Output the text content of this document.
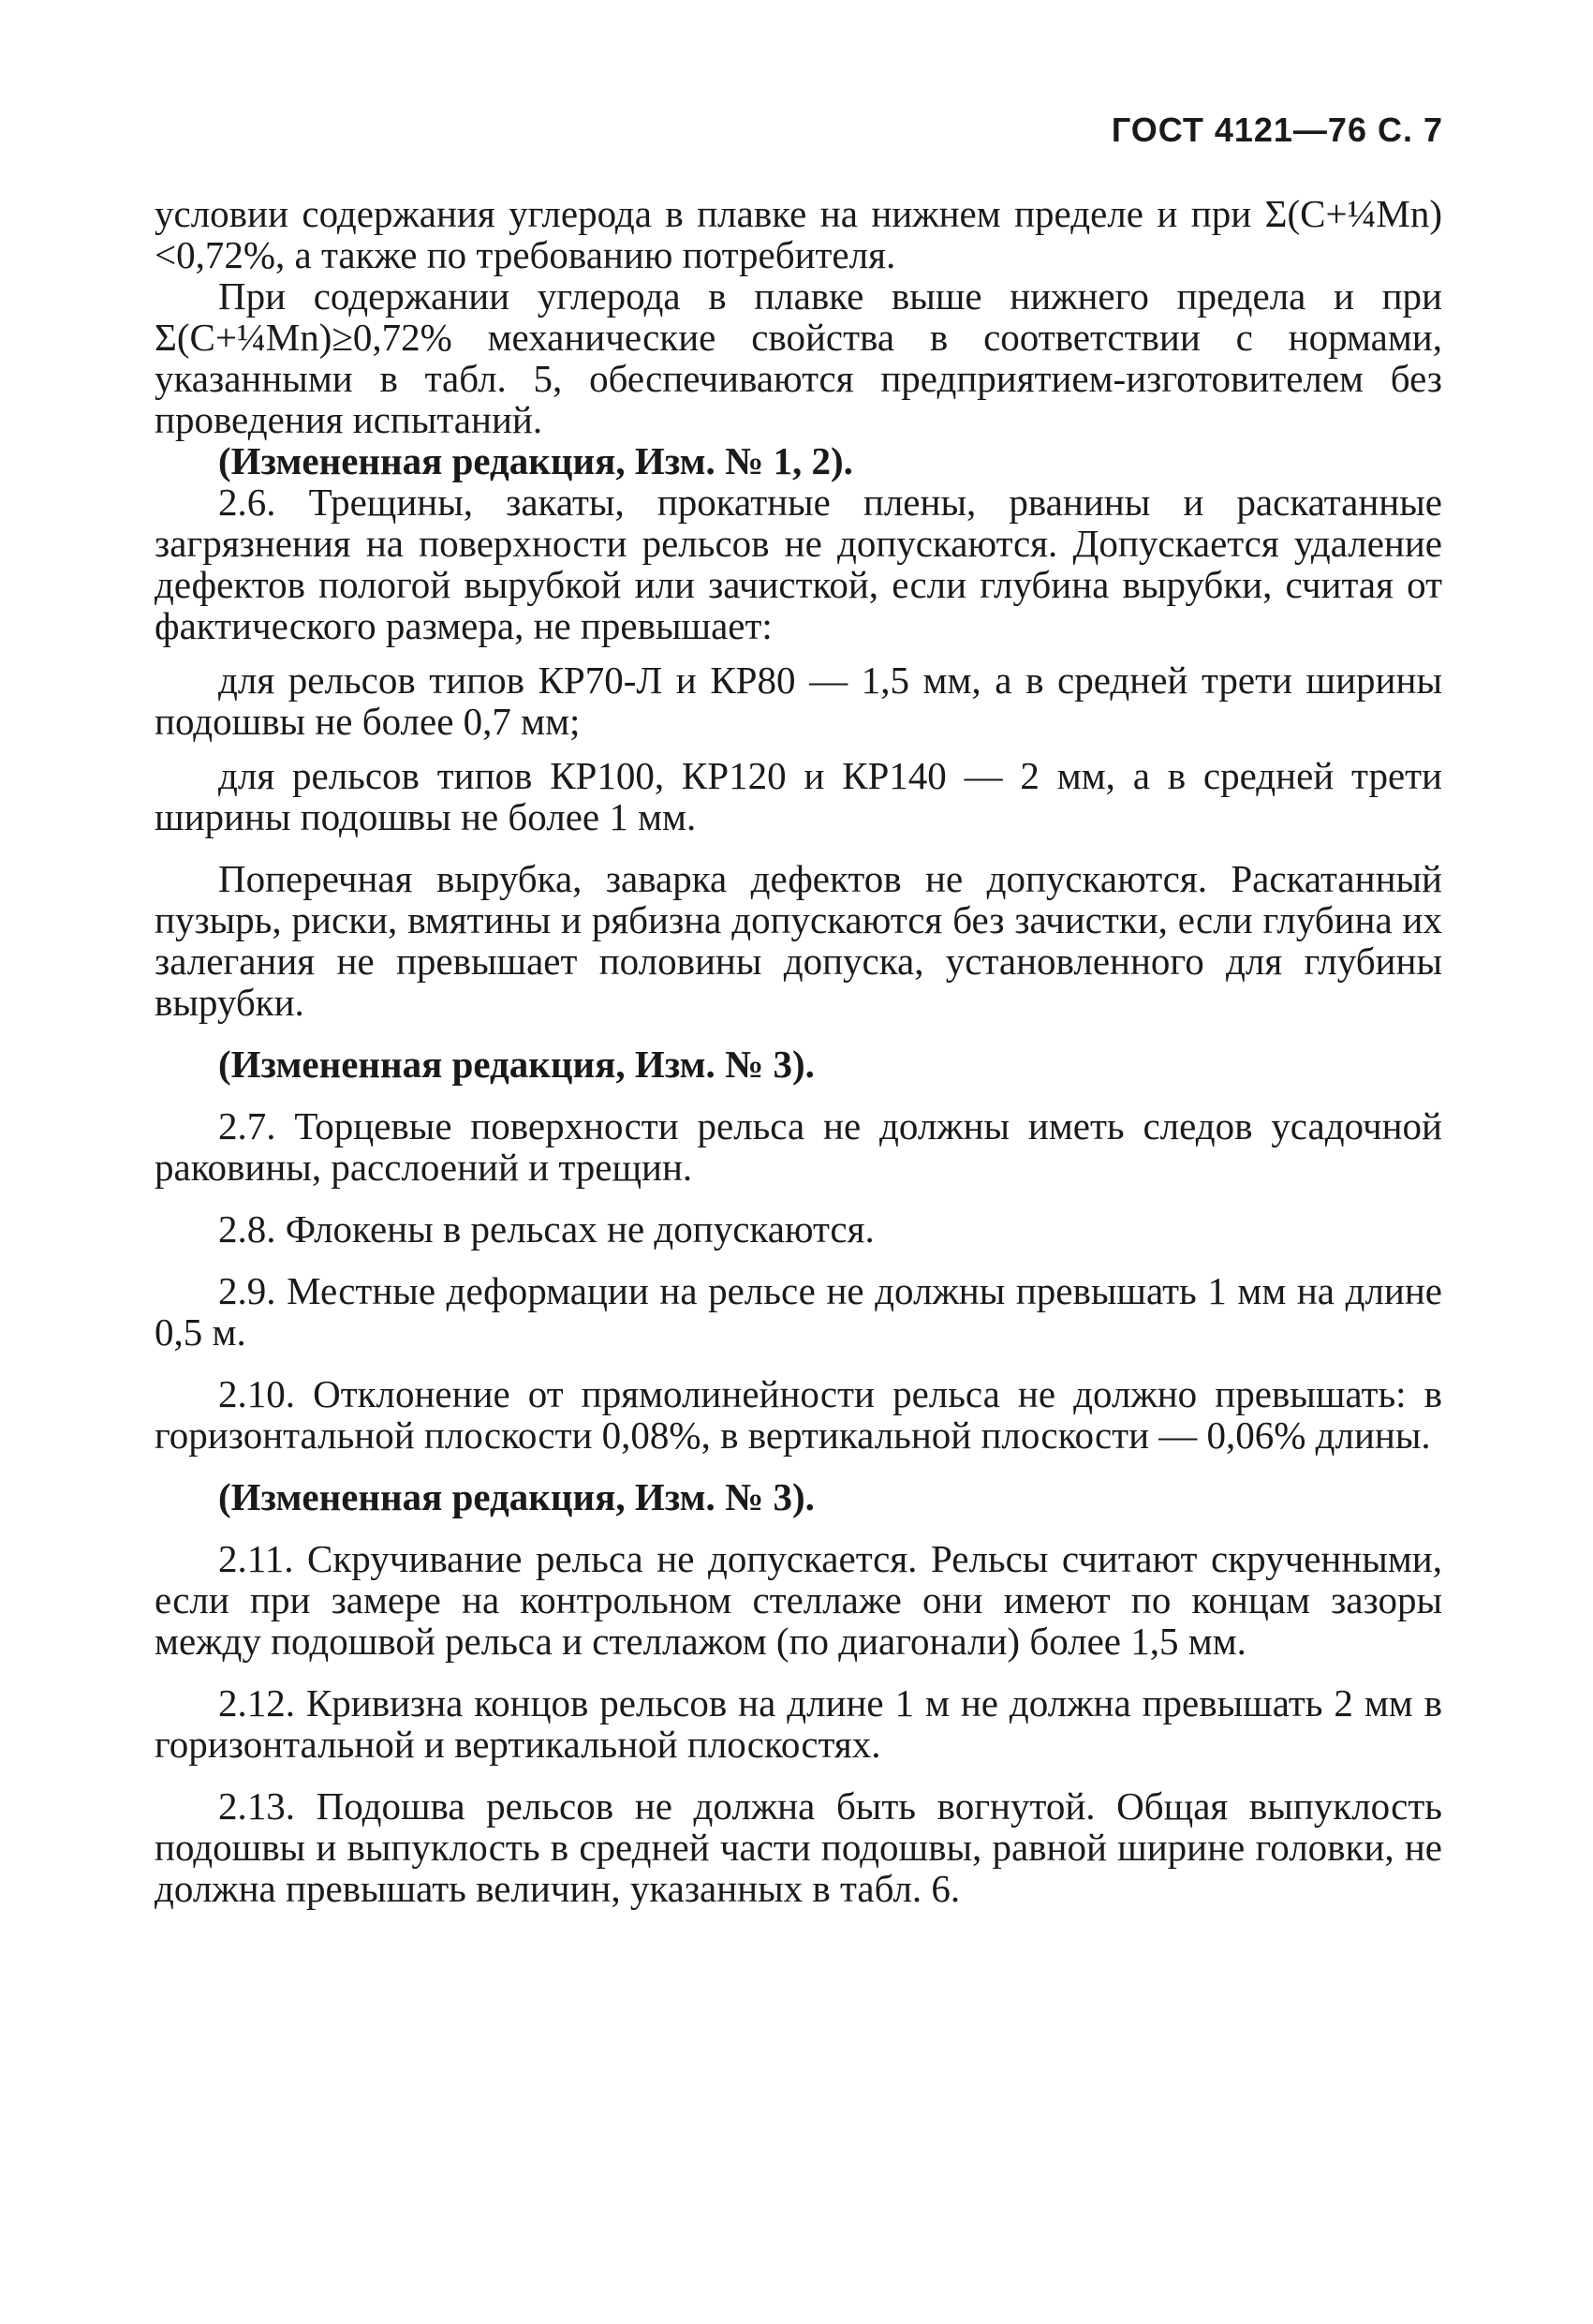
ГОСТ 4121—76 С. 7

условии содержания углерода в плавке на нижнем пределе и при Σ(C+¼Mn)<0,72%, а также по требованию потребителя.

При содержании углерода в плавке выше нижнего предела и при Σ(C+¼Mn)≥0,72% механические свойства в соответствии с нормами, указанными в табл. 5, обеспечиваются предприятием-изготовителем без проведения испытаний.

(Измененная редакция, Изм. № 1, 2).

2.6. Трещины, закаты, прокатные плены, рванины и раскатанные загрязнения на поверхности рельсов не допускаются. Допускается удаление дефектов пологой вырубкой или зачисткой, если глубина вырубки, считая от фактического размера, не превышает:

для рельсов типов КР70-Л и КР80 — 1,5 мм, а в средней трети ширины подошвы не более 0,7 мм;

для рельсов типов КР100, КР120 и КР140 — 2 мм, а в средней трети ширины подошвы не более 1 мм.

Поперечная вырубка, заварка дефектов не допускаются. Раскатанный пузырь, риски, вмятины и рябизна допускаются без зачистки, если глубина их залегания не превышает половины допуска, установленного для глубины вырубки.

(Измененная редакция, Изм. № 3).

2.7. Торцевые поверхности рельса не должны иметь следов усадочной раковины, расслоений и трещин.

2.8. Флокены в рельсах не допускаются.

2.9. Местные деформации на рельсе не должны превышать 1 мм на длине 0,5 м.

2.10. Отклонение от прямолинейности рельса не должно превышать: в горизонтальной плоскости 0,08%, в вертикальной плоскости — 0,06% длины.

(Измененная редакция, Изм. № 3).

2.11. Скручивание рельса не допускается. Рельсы считают скрученными, если при замере на контрольном стеллаже они имеют по концам зазоры между подошвой рельса и стеллажом (по диагонали) более 1,5 мм.

2.12. Кривизна концов рельсов на длине 1 м не должна превышать 2 мм в горизонтальной и вертикальной плоскостях.

2.13. Подошва рельсов не должна быть вогнутой. Общая выпуклость подошвы и выпуклость в средней части подошвы, равной ширине головки, не должна превышать величин, указанных в табл. 6.
